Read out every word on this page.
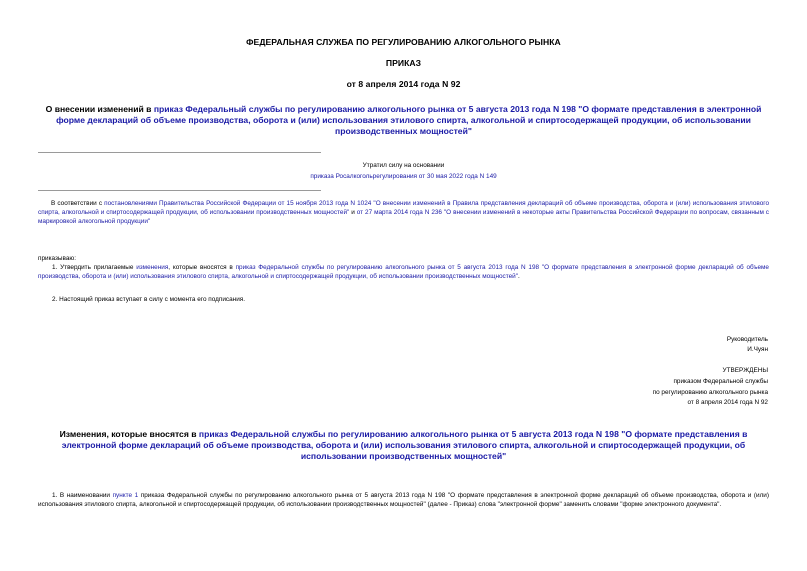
ФЕДЕРАЛЬНАЯ СЛУЖБА ПО РЕГУЛИРОВАНИЮ АЛКОГОЛЬНОГО РЫНКА
ПРИКАЗ
от 8 апреля 2014 года N 92
О внесении изменений в приказ Федеральный службы по регулированию алкогольного рынка от 5 августа 2013 года N 198 "О формате представления в электронной форме деклараций об объеме производства, оборота и (или) использования этилового спирта, алкогольной и спиртосодержащей продукции, об использовании производственных мощностей"
Утратил силу на основании
приказа Росалкогольрегулирования от 30 мая 2022 года N 149
В соответствии с постановлениями Правительства Российской Федерации от 15 ноября 2013 года N 1024 "О внесении изменений в Правила представления деклараций об объеме производства, оборота и (или) использования этилового спирта, алкогольной и спиртосодержащей продукции, об использовании производственных мощностей" и от 27 марта 2014 года N 236 "О внесении изменений в некоторые акты Правительства Российской Федерации по вопросам, связанным с маркировкой алкогольной продукции"
приказываю:
1. Утвердить прилагаемые изменения, которые вносятся в приказ Федеральной службы по регулированию алкогольного рынка от 5 августа 2013 года N 198 "О формате представления в электронной форме деклараций об объеме производства, оборота и (или) использования этилового спирта, алкогольной и спиртосодержащей продукции, об использовании производственных мощностей".
2. Настоящий приказ вступает в силу с момента его подписания.
Руководитель
И.Чуян
УТВЕРЖДЕНЫ
приказом Федеральной службы
по регулированию алкогольного рынка
от 8 апреля 2014 года N 92
Изменения, которые вносятся в приказ Федеральной службы по регулированию алкогольного рынка от 5 августа 2013 года N 198 "О формате представления в электронной форме деклараций об объеме производства, оборота и (или) использования этилового спирта, алкогольной и спиртосодержащей продукции, об использовании производственных мощностей"
1. В наименовании пункте 1 приказа Федеральной службы по регулированию алкогольного рынка от 5 августа 2013 года N 198 "О формате представления в электронной форме деклараций об объеме производства, оборота и (или) использования этилового спирта, алкогольной и спиртосодержащей продукции, об использовании производственных мощностей" (далее - Приказ) слова "электронной форме" заменить словами "форме электронного документа".
